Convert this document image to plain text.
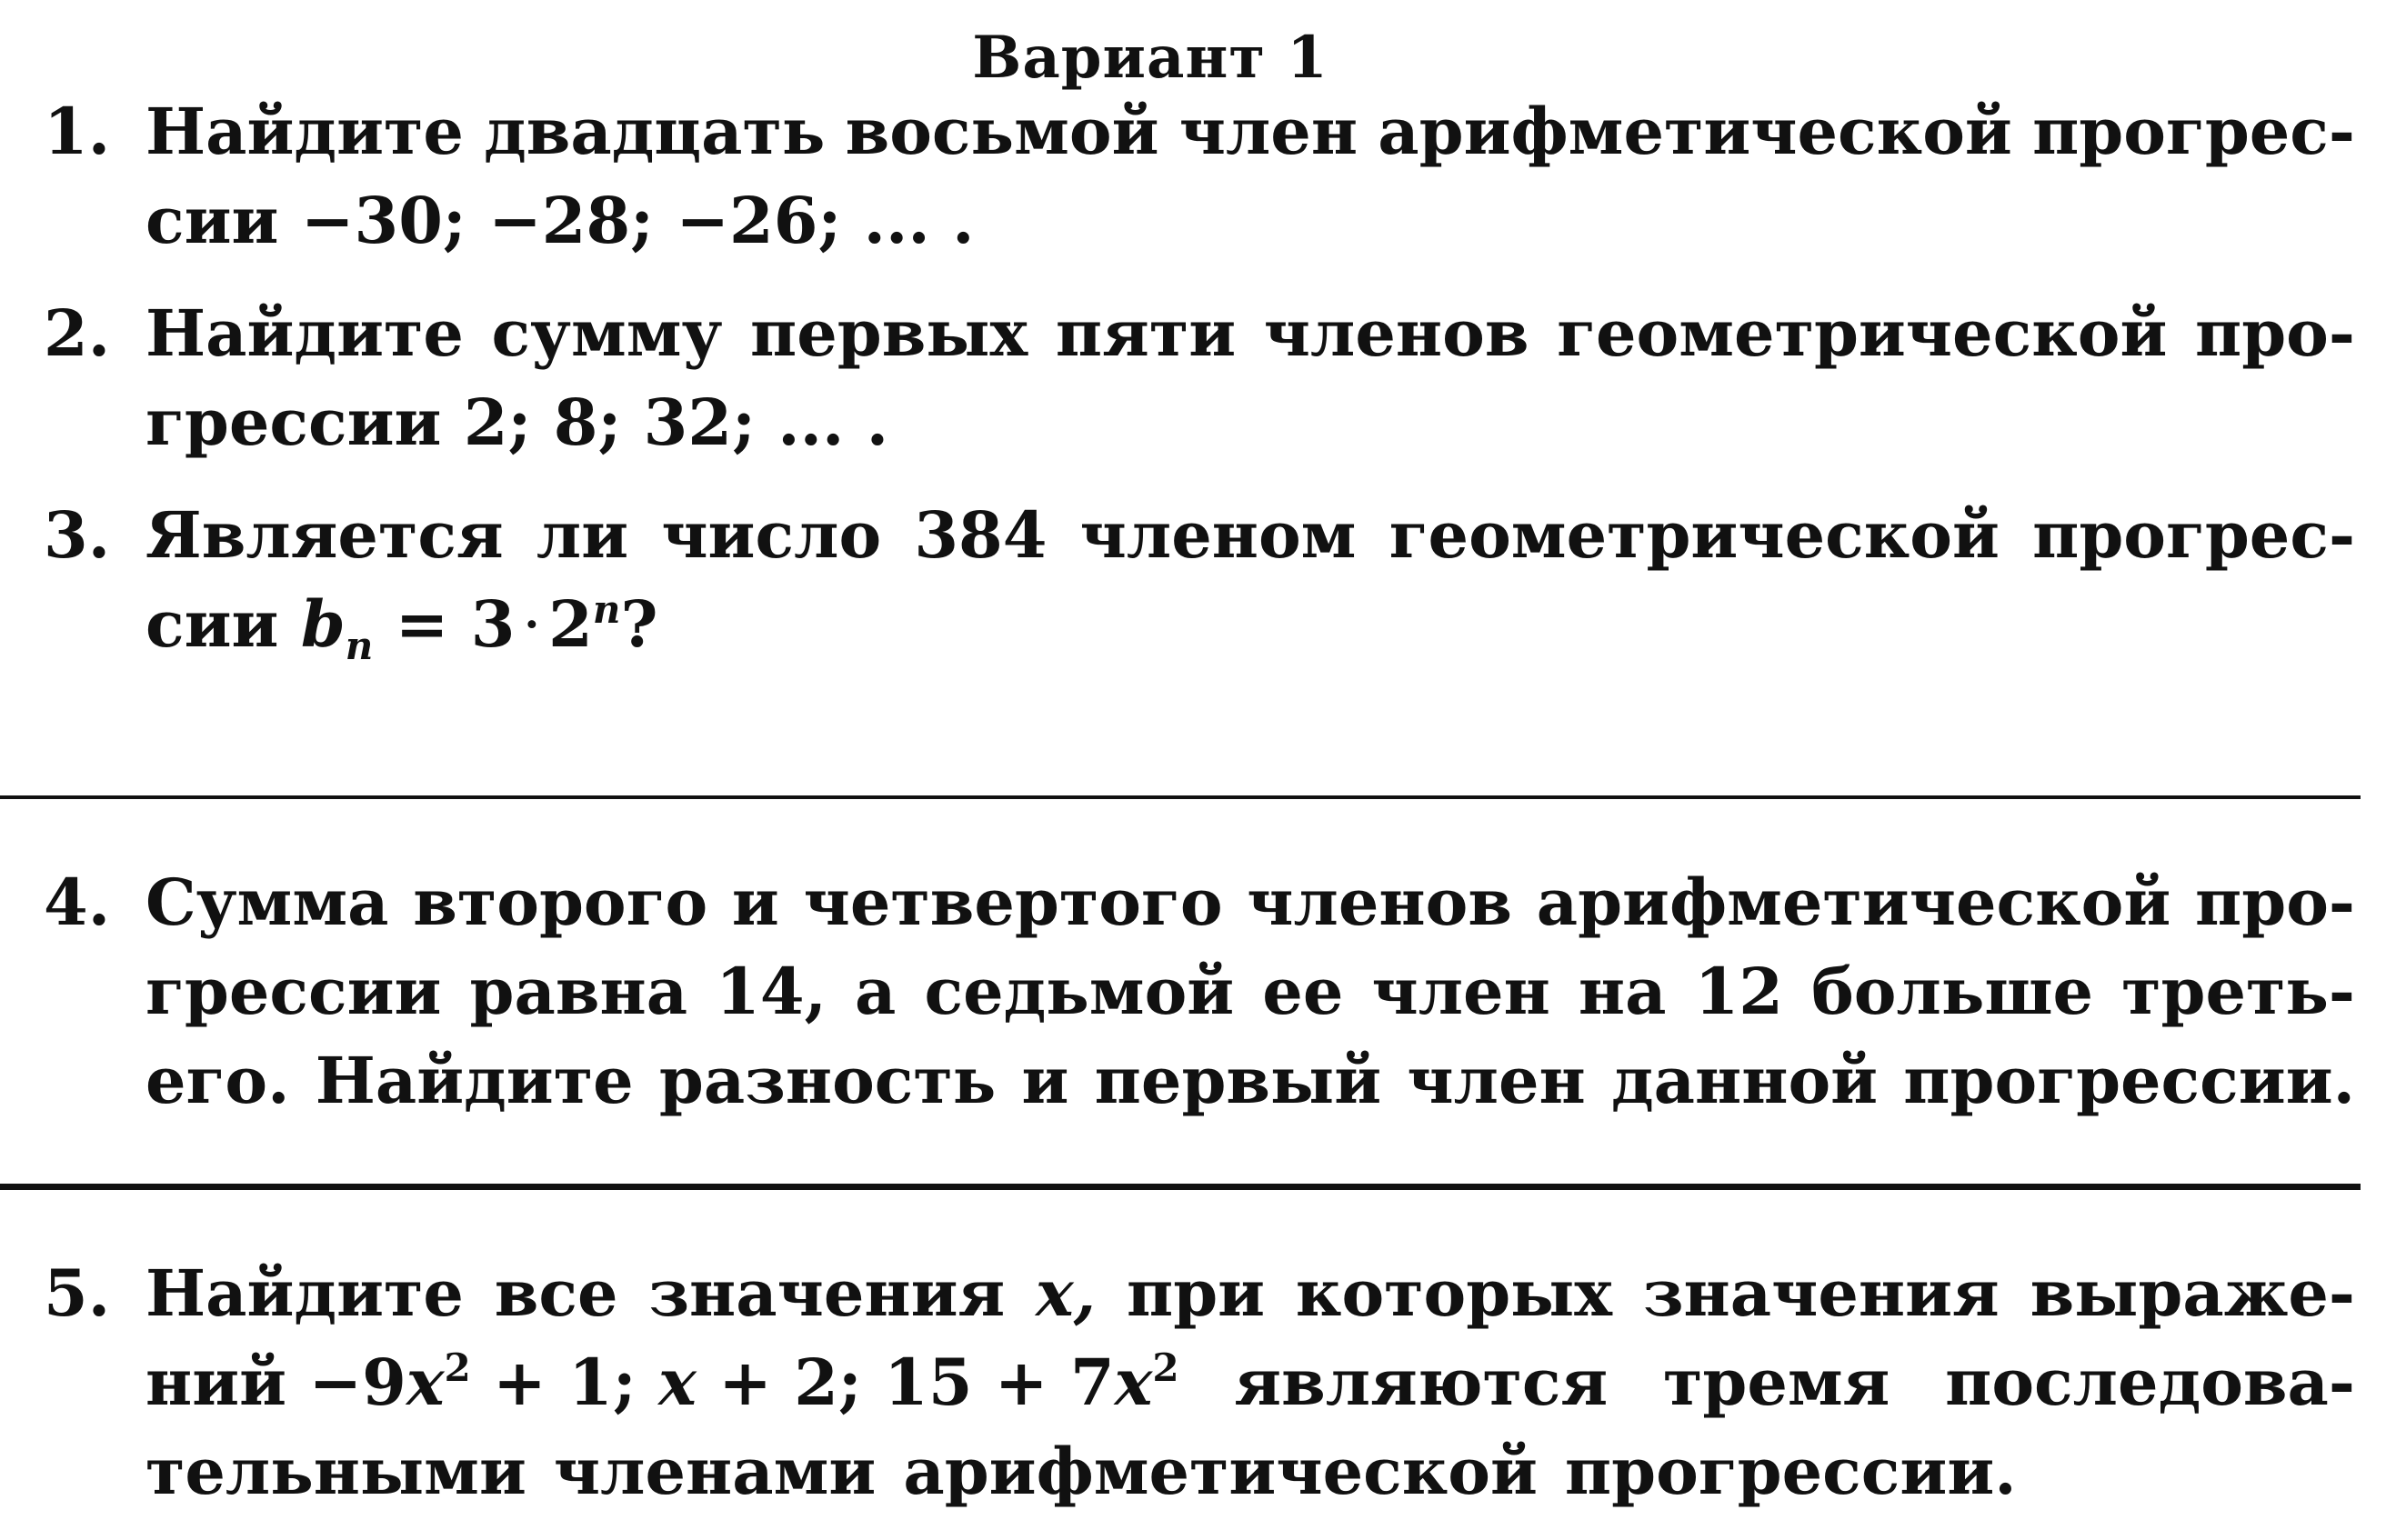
Вариант 1
1. Найдите двадцать восьмой член арифметической прогрес-
сии −30; −28; −26; ... .
2. Найдите сумму первых пяти членов геометрической про-
грессии 2; 8; 32; ... .
3. Является ли число 384 членом геометрической прогрес-
сии $b_n = 3 \cdot 2^n$?
4. Сумма второго и четвертого членов арифметической про-
грессии равна 14, а седьмой ее член на 12 больше треть-
его. Найдите разность и первый член данной прогрессии.
5. Найдите все значения x, при которых значения выраже-
ний $-9x^2 + 1$; x + 2; $15 + 7x^2$ являются тремя последова-
тельными членами арифметической прогрессии.
